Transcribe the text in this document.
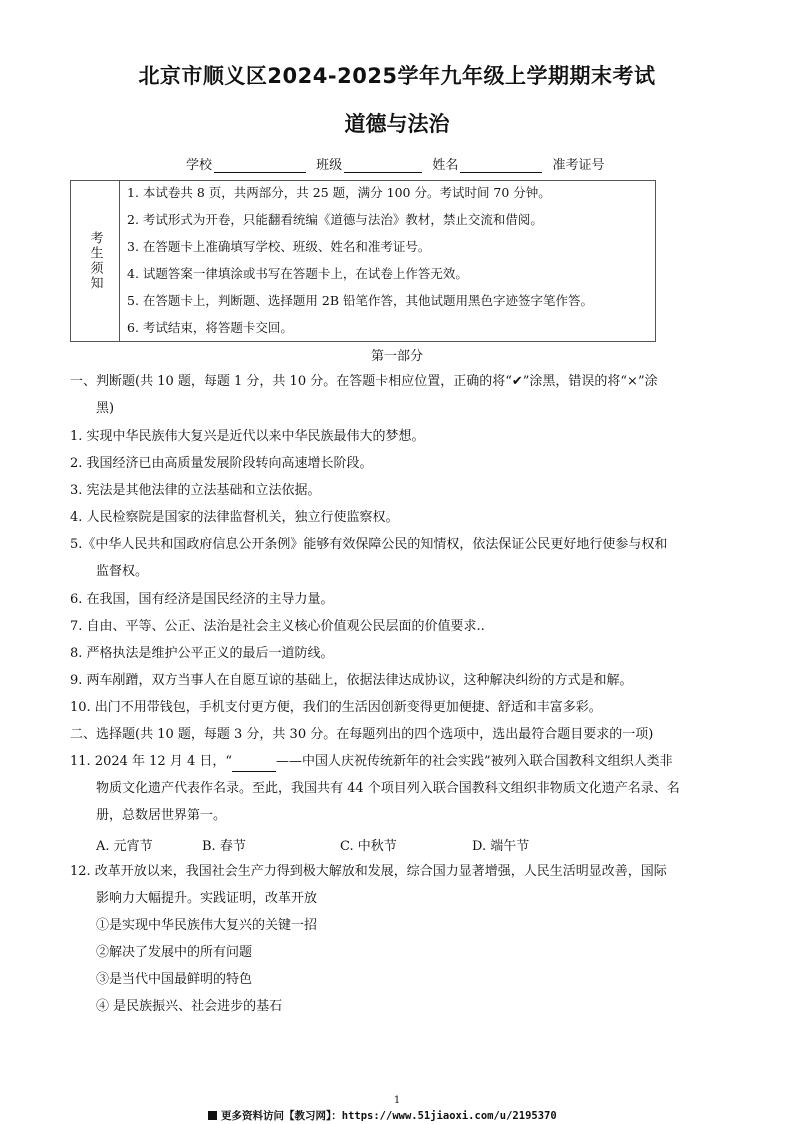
北京市顺义区2024-2025学年九年级上学期期末考试
道德与法治
学校	班级	姓名	准考证号
考生须知
1. 本试卷共 8 页，共两部分，共 25 题，满分 100 分。考试时间 70 分钟。
2. 考试形式为开卷，只能翻看统编《道德与法治》教材，禁止交流和借阅。
3. 在答题卡上准确填写学校、班级、姓名和准考证号。
4. 试题答案一律填涂或书写在答题卡上，在试卷上作答无效。
5. 在答题卡上，判断题、选择题用 2B 铅笔作答，其他试题用黑色字迹签字笔作答。
6. 考试结束，将答题卡交回。
第一部分
一、判断题(共 10 题，每题 1 分，共 10 分。在答题卡相应位置，正确的将“✔”涂黑，错误的将“×”涂
黑)
1. 实现中华民族伟大复兴是近代以来中华民族最伟大的梦想。
2. 我国经济已由高质量发展阶段转向高速增长阶段。
3. 宪法是其他法律的立法基础和立法依据。
4. 人民检察院是国家的法律监督机关，独立行使监察权。
5.《中华人民共和国政府信息公开条例》能够有效保障公民的知情权，依法保证公民更好地行使参与权和
监督权。
6. 在我国，国有经济是国民经济的主导力量。
7. 自由、平等、公正、法治是社会主义核心价值观公民层面的价值要求..
8. 严格执法是维护公平正义的最后一道防线。
9. 两车剐蹭，双方当事人在自愿互谅的基础上，依据法律达成协议，这种解决纠纷的方式是和解。
10. 出门不用带钱包，手机支付更方便，我们的生活因创新变得更加便捷、舒适和丰富多彩。
二、选择题(共 10 题，每题 3 分，共 30 分。在每题列出的四个选项中，选出最符合题目要求的一项)
11. 2024 年 12 月 4 日，“	——中国人庆祝传统新年的社会实践”被列入联合国教科文组织人类非
物质文化遗产代表作名录。至此，我国共有 44 个项目列入联合国教科文组织非物质文化遗产名录、名
册，总数居世界第一。
A. 元宵节	B. 春节	C. 中秋节	D. 端午节
12. 改革开放以来，我国社会生产力得到极大解放和发展，综合国力显著增强，人民生活明显改善，国际
影响力大幅提升。实践证明，改革开放
①是实现中华民族伟大复兴的关键一招
②解决了发展中的所有问题
③是当代中国最鲜明的特色
④ 是民族振兴、社会进步的基石
1
更多资料访问【教习网】：https://www.51jiaoxi.com/u/2195370
